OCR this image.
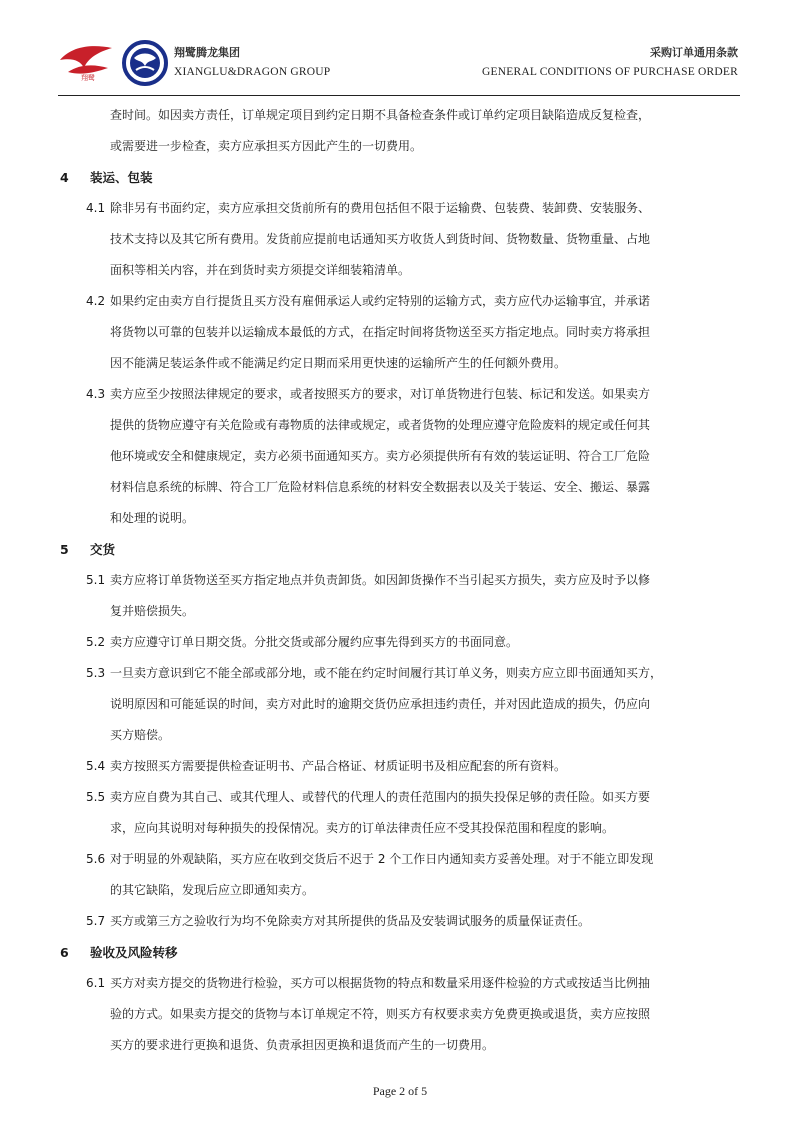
翔鹭
翔鹭腾龙集团
XIANGLU&DRAGON GROUP
采购订单通用条款
GENERAL CONDITIONS OF PURCHASE ORDER
查时间。如因卖方责任，订单规定项目到约定日期不具备检查条件或订单约定项目缺陷造成反复检查，
或需要进一步检查，卖方应承担买方因此产生的一切费用。
4 装运、包装
4.1 除非另有书面约定，卖方应承担交货前所有的费用包括但不限于运输费、包装费、装卸费、安装服务、
技术支持以及其它所有费用。发货前应提前电话通知买方收货人到货时间、货物数量、货物重量、占地
面积等相关内容，并在到货时卖方须提交详细装箱清单。
4.2 如果约定由卖方自行提货且买方没有雇佣承运人或约定特别的运输方式，卖方应代办运输事宜，并承诺
将货物以可靠的包装并以运输成本最低的方式，在指定时间将货物送至买方指定地点。同时卖方将承担
因不能满足装运条件或不能满足约定日期而采用更快速的运输所产生的任何额外费用。
4.3 卖方应至少按照法律规定的要求，或者按照买方的要求，对订单货物进行包装、标记和发送。如果卖方
提供的货物应遵守有关危险或有毒物质的法律或规定，或者货物的处理应遵守危险废料的规定或任何其
他环境或安全和健康规定，卖方必须书面通知买方。卖方必须提供所有有效的装运证明、符合工厂危险
材料信息系统的标牌、符合工厂危险材料信息系统的材料安全数据表以及关于装运、安全、搬运、暴露
和处理的说明。
5 交货
5.1 卖方应将订单货物送至买方指定地点并负责卸货。如因卸货操作不当引起买方损失，卖方应及时予以修
复并赔偿损失。
5.2 卖方应遵守订单日期交货。分批交货或部分履约应事先得到买方的书面同意。
5.3 一旦卖方意识到它不能全部或部分地，或不能在约定时间履行其订单义务，则卖方应立即书面通知买方，
说明原因和可能延误的时间，卖方对此时的逾期交货仍应承担违约责任，并对因此造成的损失，仍应向
买方赔偿。
5.4 卖方按照买方需要提供检查证明书、产品合格证、材质证明书及相应配套的所有资料。
5.5 卖方应自费为其自己、或其代理人、或替代的代理人的责任范围内的损失投保足够的责任险。如买方要
求，应向其说明对每种损失的投保情况。卖方的订单法律责任应不受其投保范围和程度的影响。
5.6 对于明显的外观缺陷，买方应在收到交货后不迟于 2 个工作日内通知卖方妥善处理。对于不能立即发现
的其它缺陷，发现后应立即通知卖方。
5.7 买方或第三方之验收行为均不免除卖方对其所提供的货品及安装调试服务的质量保证责任。
6 验收及风险转移
6.1 买方对卖方提交的货物进行检验，买方可以根据货物的特点和数量采用逐件检验的方式或按适当比例抽
验的方式。如果卖方提交的货物与本订单规定不符，则买方有权要求卖方免费更换或退货，卖方应按照
买方的要求进行更换和退货、负责承担因更换和退货而产生的一切费用。
Page 2 of 5
